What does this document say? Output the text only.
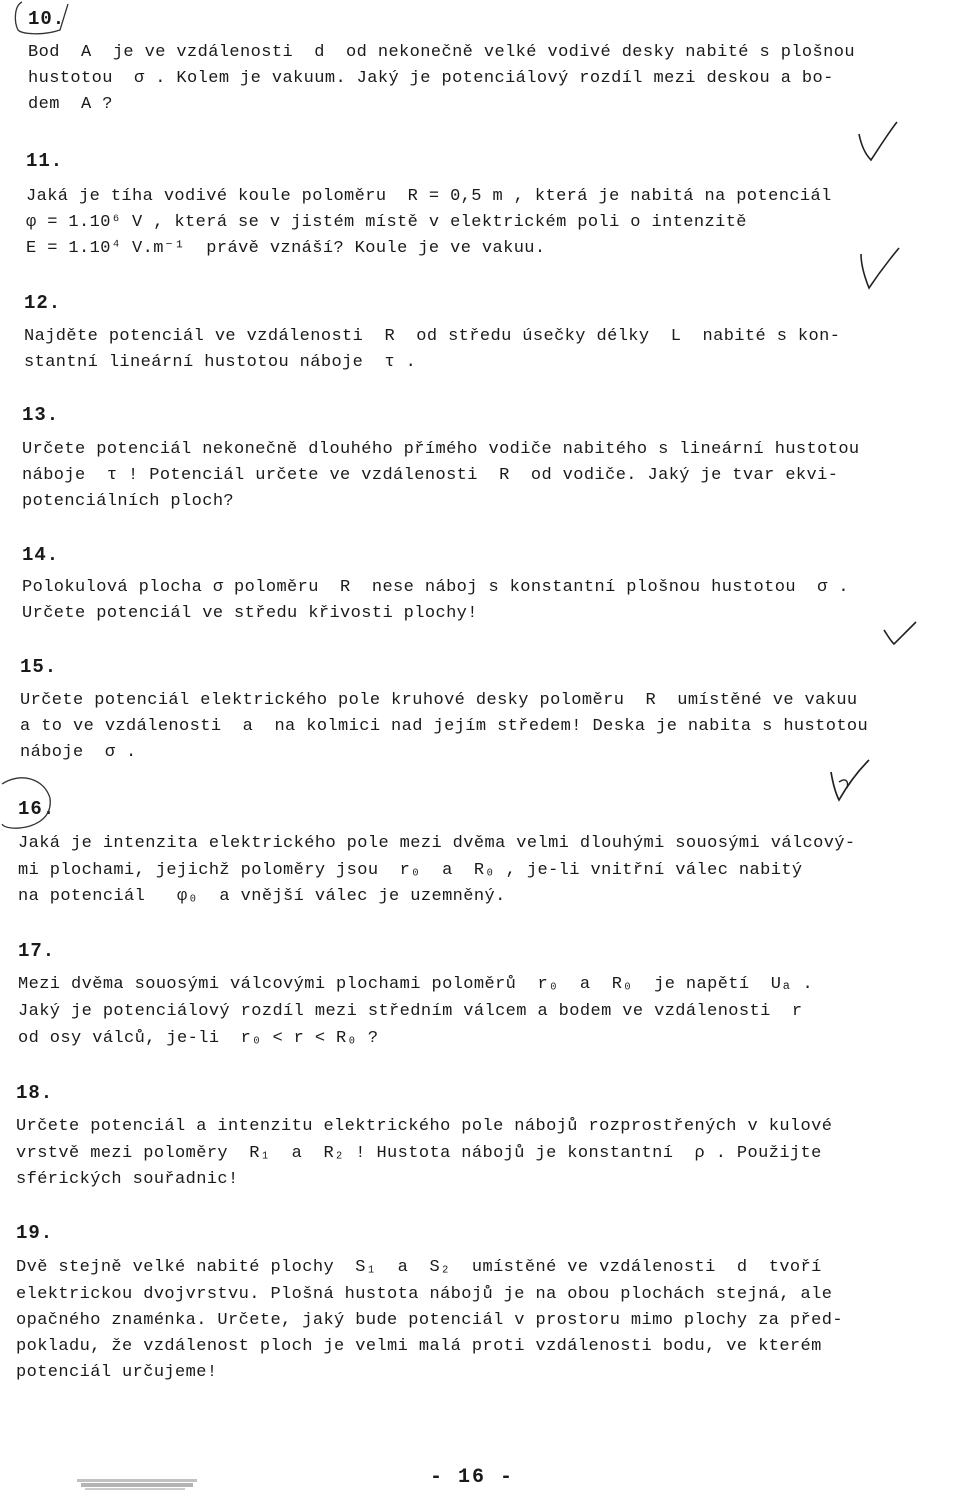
10.
Bod  A  je ve vzdálenosti  d  od nekonečně velké vodivé desky nabité s plošnou
hustotou  σ . Kolem je vakuum. Jaký je potenciálový rozdíl mezi deskou a bo-
dem  A ?
11.
Jaká je tíha vodivé koule poloměru  R = 0,5 m , která je nabitá na potenciál
φ = 1.10⁶ V , která se v jistém místě v elektrickém poli o intenzitě
E = 1.10⁴ V.m⁻¹  právě vznáší? Koule je ve vakuu.
12.
Najděte potenciál ve vzdálenosti  R  od středu úsečky délky  L  nabité s kon-
stantní lineární hustotou náboje  τ .
13.
Určete potenciál nekonečně dlouhého přímého vodiče nabitého s lineární hustotou
náboje  τ ! Potenciál určete ve vzdálenosti  R  od vodiče. Jaký je tvar ekvi-
potenciálních ploch?
14.
Polokulová plocha σ poloměru  R  nese náboj s konstantní plošnou hustotou  σ .
Určete potenciál ve středu křivosti plochy!
15.
Určete potenciál elektrického pole kruhové desky poloměru  R  umístěné ve vakuu
a to ve vzdálenosti  a  na kolmici nad jejím středem! Deska je nabita s hustotou
náboje  σ .
16.
Jaká je intenzita elektrického pole mezi dvěma velmi dlouhými souosými válcový-
mi plochami, jejichž poloměry jsou  r₀  a  R₀ , je-li vnitřní válec nabitý
na potenciál   φ₀  a vnější válec je uzemněný.
17.
Mezi dvěma souosými válcovými plochami poloměrů  r₀  a  R₀  je napětí  Uₐ .
Jaký je potenciálový rozdíl mezi středním válcem a bodem ve vzdálenosti  r
od osy válců, je-li  r₀ < r < R₀ ?
18.
Určete potenciál a intenzitu elektrického pole nábojů rozprostřených v kulové
vrstvě mezi poloměry  R₁  a  R₂ ! Hustota nábojů je konstantní  ρ . Použijte
sférických souřadnic!
19.
Dvě stejně velké nabité plochy  S₁  a  S₂  umístěné ve vzdálenosti  d  tvoří
elektrickou dvojvrstvu. Plošná hustota nábojů je na obou plochách stejná, ale
opačného znaménka. Určete, jaký bude potenciál v prostoru mimo plochy za před-
pokladu, že vzdálenost ploch je velmi malá proti vzdálenosti bodu, ve kterém
potenciál určujeme!
- 16 -
